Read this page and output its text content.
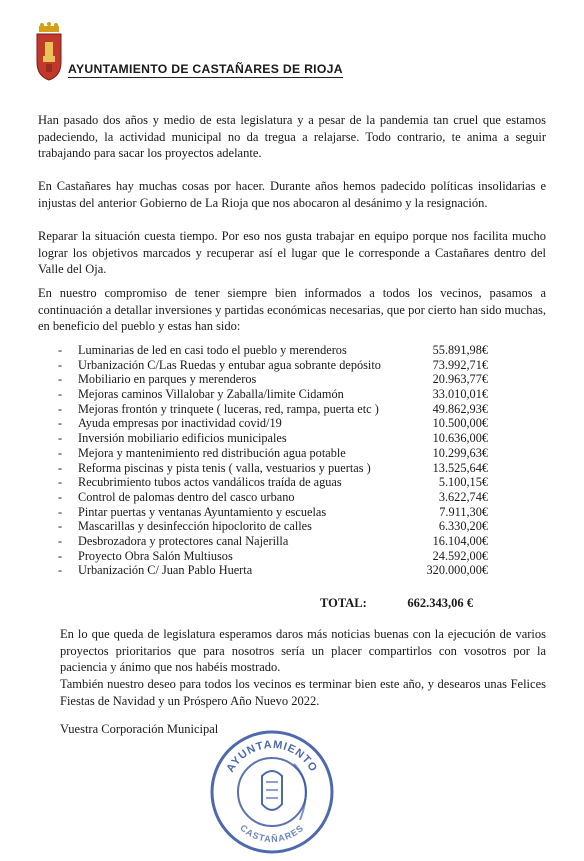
AYUNTAMIENTO DE CASTAÑARES DE RIOJA

Han pasado dos años y medio de esta legislatura y a pesar de la pandemia tan cruel que estamos padeciendo, la actividad municipal no da tregua a relajarse. Todo contrario, te anima a seguir trabajando para sacar los proyectos adelante.

En Castañares hay muchas cosas por hacer. Durante años hemos padecido políticas insolidarias e injustas del anterior Gobierno de La Rioja que nos abocaron al desánimo y la resignación.

Reparar la situación cuesta tiempo. Por eso nos gusta trabajar en equipo porque nos facilita mucho lograr los objetivos marcados y recuperar así el lugar que le corresponde a Castañares dentro del Valle del Oja.

En nuestro compromiso de tener siempre bien informados a todos los vecinos, pasamos a continuación a detallar inversiones y partidas económicas necesarias, que por cierto han sido muchas, en beneficio del pueblo y estas han sido:

- Luminarias de led en casi todo el pueblo y merenderos	55.891,98€
- Urbanización C/Las Ruedas y entubar agua sobrante depósito	73.992,71€
- Mobiliario en parques y merenderos	20.963,77€
- Mejoras caminos Villalobar y Zaballa/limite Cidamón	33.010,01€
- Mejoras frontón y trinquete ( luceras, red, rampa, puerta etc )	49.862,93€
- Ayuda empresas por inactividad covid/19	10.500,00€
- Inversión mobiliario edificios municipales	10.636,00€
- Mejora y mantenimiento red distribución agua potable	10.299,63€
- Reforma piscinas y pista tenis ( valla, vestuarios y puertas )	13.525,64€
- Recubrimiento tubos actos vandálicos traída de aguas	5.100,15€
- Control de palomas dentro del casco urbano	3.622,74€
- Pintar puertas y ventanas Ayuntamiento y escuelas	7.911,30€
- Mascarillas y desinfección hipoclorito de calles	6.330,20€
- Desbrozadora y protectores canal Najerilla	16.104,00€
- Proyecto Obra Salón Multiusos	24.592,00€
- Urbanización C/ Juan Pablo Huerta	320.000,00€
TOTAL:	662.343,06 €

En lo que queda de legislatura esperamos daros más noticias buenas con la ejecución de varios proyectos prioritarios que para nosotros sería un placer compartirlos con vosotros por la paciencia y ánimo que nos habéis mostrado.

También nuestro deseo para todos los vecinos es terminar bien este año, y desearos unas Felices Fiestas de Navidad y un Próspero Año Nuevo 2022.

Vuestra Corporación Municipal
AYUNTAMIENTO
CASTAÑARES
